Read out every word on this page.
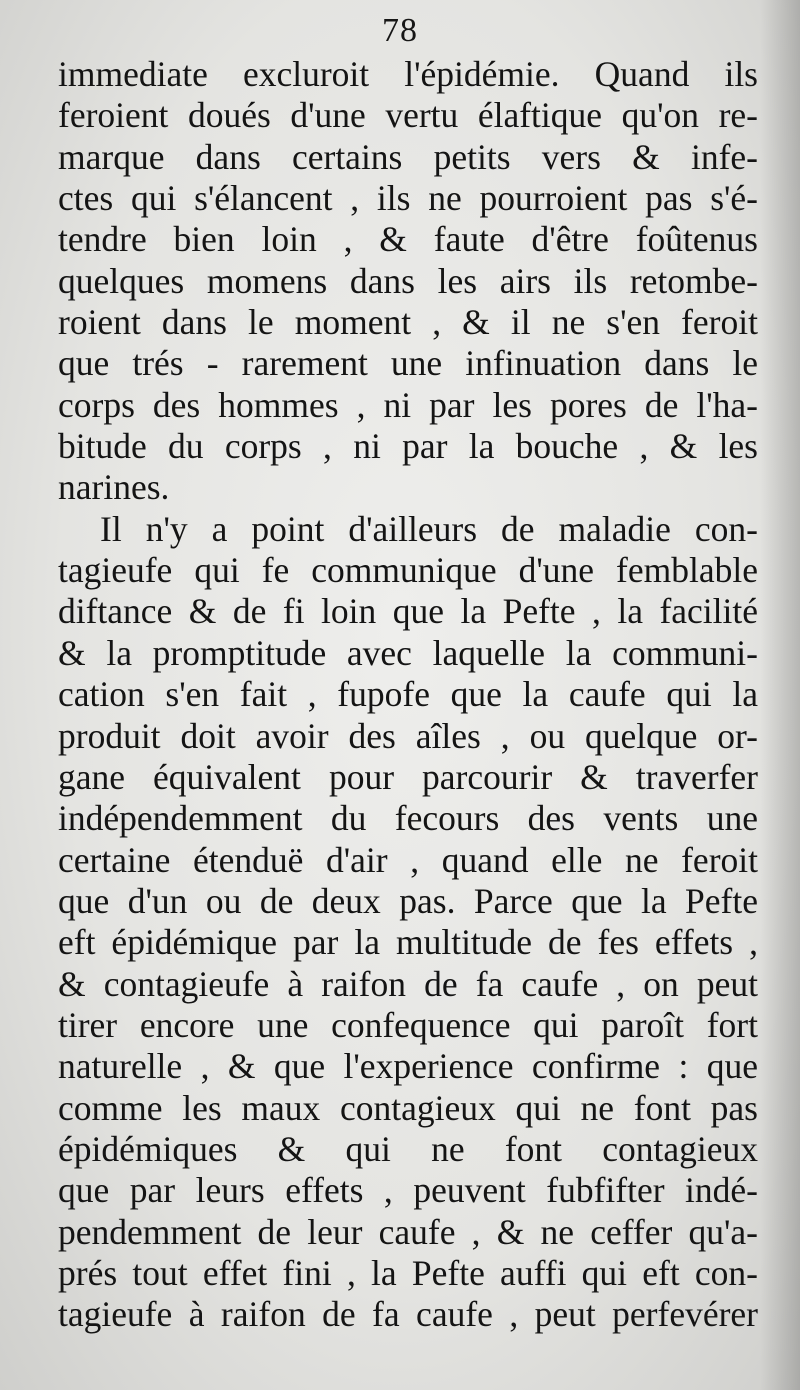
78
immediate excluroit l'épidémie. Quand ils
feroient doués d'une vertu élaftique qu'on re-
marque dans certains petits vers & infe-
ctes qui s'élancent , ils ne pourroient pas s'é-
tendre bien loin , & faute d'être foûtenus
quelques momens dans les airs ils retombe-
roient dans le moment , & il ne s'en feroit
que trés - rarement une infinuation dans le
corps des hommes , ni par les pores de l'ha-
bitude du corps , ni par la bouche , & les
narines.
Il n'y a point d'ailleurs de maladie con-
tagieufe qui fe communique d'une femblable
diftance & de fi loin que la Pefte , la facilité
& la promptitude avec laquelle la communi-
cation s'en fait , fupofe que la caufe qui la
produit doit avoir des aîles , ou quelque or-
gane équivalent pour parcourir & traverfer
indépendemment du fecours des vents une
certaine étenduë d'air , quand elle ne feroit
que d'un ou de deux pas. Parce que la Pefte
eft épidémique par la multitude de fes effets ,
& contagieufe à raifon de fa caufe , on peut
tirer encore une confequence qui paroît fort
naturelle , & que l'experience confirme : que
comme les maux contagieux qui ne font pas
épidémiques & qui ne font contagieux
que par leurs effets , peuvent fubfifter indé-
pendemment de leur caufe , & ne ceffer qu'a-
prés tout effet fini , la Pefte auffi qui eft con-
tagieufe à raifon de fa caufe , peut perfevérer
